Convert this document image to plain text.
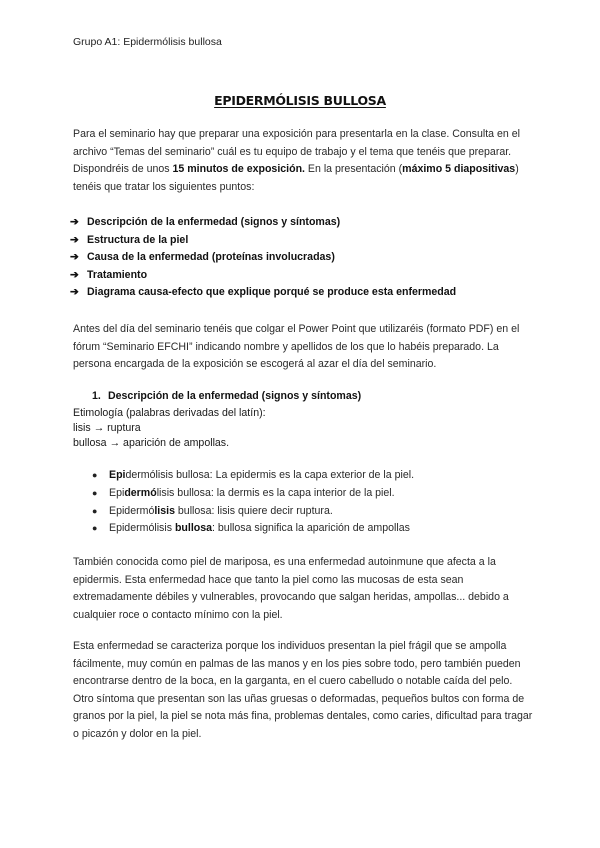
Grupo A1: Epidermólisis bullosa
EPIDERMÓLISIS BULLOSA
Para el seminario hay que preparar una exposición para presentarla en la clase. Consulta en el archivo “Temas del seminario” cuál es tu equipo de trabajo y el tema que tenéis que preparar. Dispondréis de unos 15 minutos de exposición. En la presentación (máximo 5 diapositivas) tenéis que tratar los siguientes puntos:
➔ Descripción de la enfermedad (signos y síntomas)
➔ Estructura de la piel
➔ Causa de la enfermedad (proteínas involucradas)
➔ Tratamiento
➔ Diagrama causa-efecto que explique porqué se produce esta enfermedad
Antes del día del seminario tenéis que colgar el Power Point que utilizaréis (formato PDF) en el fórum “Seminario EFCHI” indicando nombre y apellidos de los que lo habéis preparado. La persona encargada de la exposición se escogerá al azar el día del seminario.
1. Descripción de la enfermedad (signos y síntomas)
Etimología (palabras derivadas del latín):
lisis → ruptura
bullosa → aparición de ampollas.
● Epidermólisis bullosa: La epidermis es la capa exterior de la piel.
● Epidermólisis bullosa: la dermis es la capa interior de la piel.
● Epidermólisis bullosa: lisis quiere decir ruptura.
● Epidermólisis bullosa: bullosa significa la aparición de ampollas
También conocida como piel de mariposa, es una enfermedad autoinmune que afecta a la epidermis. Esta enfermedad hace que tanto la piel como las mucosas de esta sean extremadamente débiles y vulnerables, provocando que salgan heridas, ampollas... debido a cualquier roce o contacto mínimo con la piel.
Esta enfermedad se caracteriza porque los individuos presentan la piel frágil que se ampolla fácilmente, muy común en palmas de las manos y en los pies sobre todo, pero también pueden encontrarse dentro de la boca, en la garganta, en el cuero cabelludo o notable caída del pelo. Otro síntoma que presentan son las uñas gruesas o deformadas, pequeños bultos con forma de granos por la piel, la piel se nota más fina, problemas dentales, como caries, dificultad para tragar o picazón y dolor en la piel.
